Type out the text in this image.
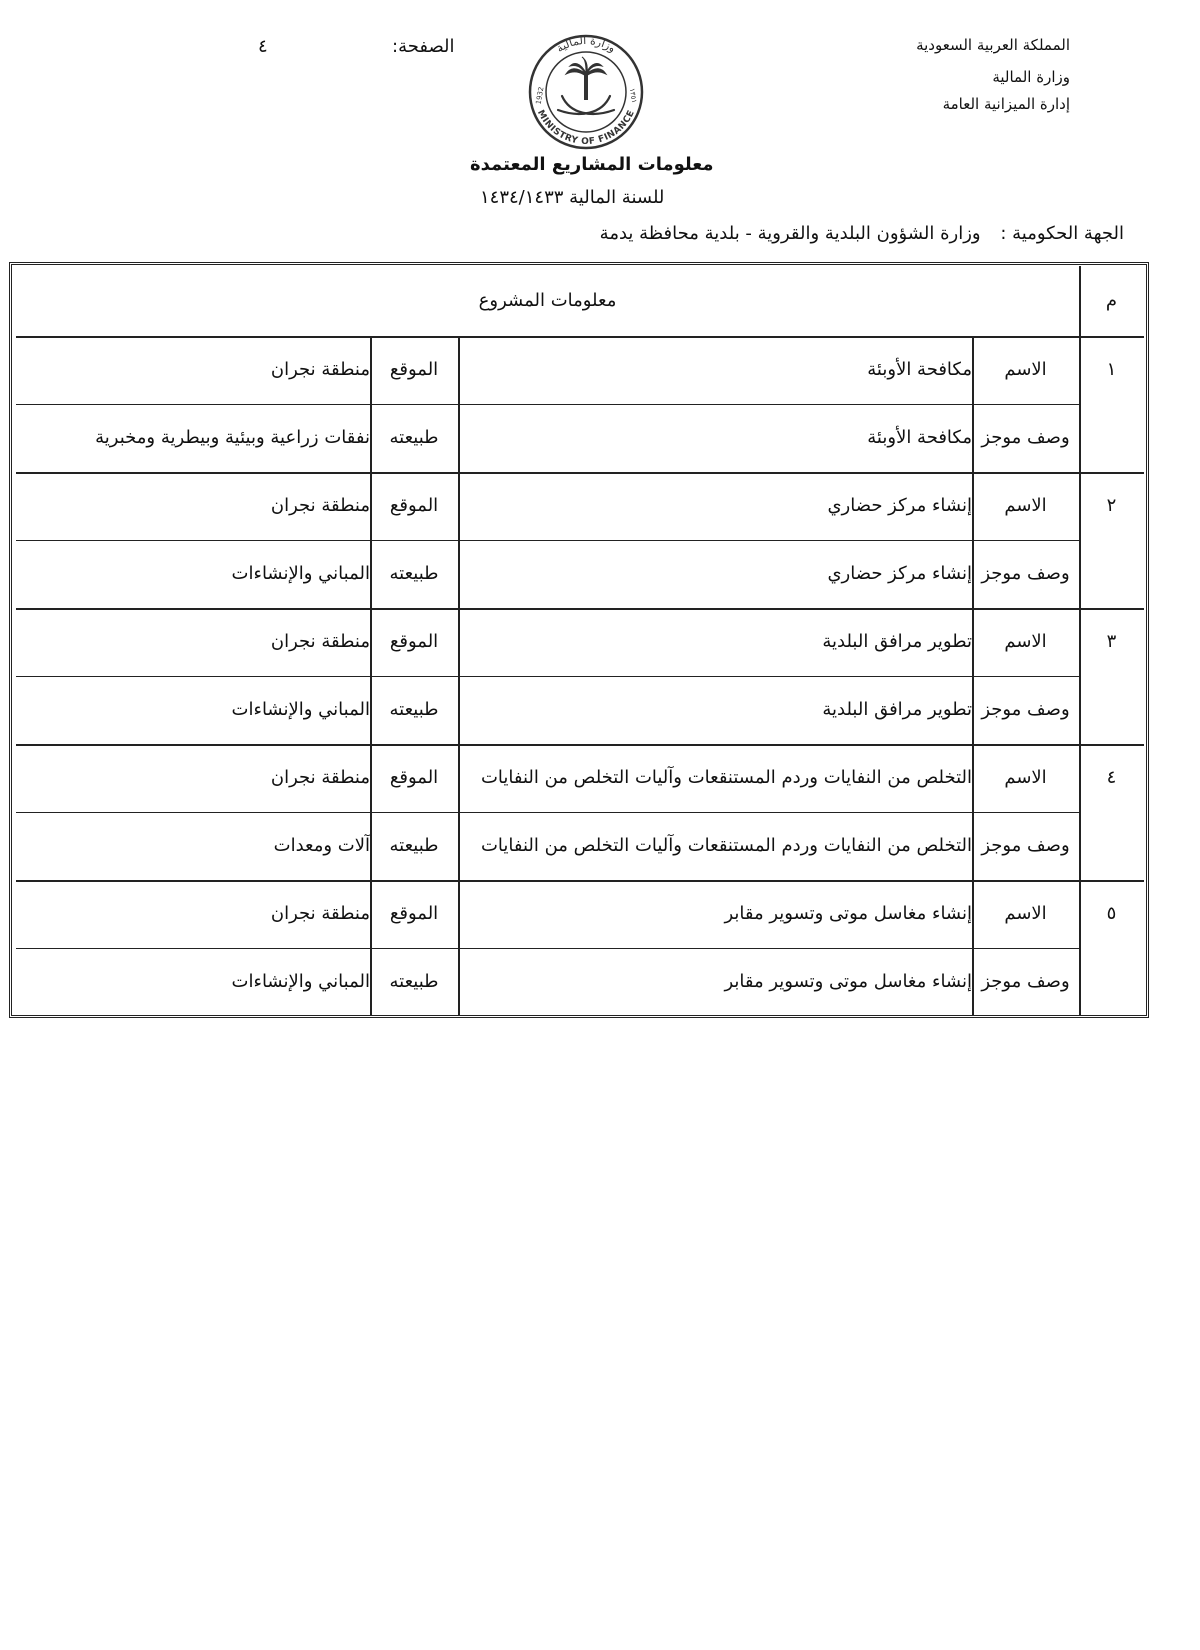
المملكة العربية السعودية
وزارة المالية
إدارة الميزانية العامة
الصفحة:
٤	وزارة المالية
MINISTRY OF FINANCE
1932	١٣٥١
معلومات المشاريع المعتمدة
للسنة المالية ١٤٣٤/١٤٣٣
الجهة الحكومية : وزارة الشؤون البلدية والقروية - بلدية محافظة يدمة
م
معلومات المشروع
١
الاسم
مكافحة الأوبئة
الموقع
منطقة نجران
وصف موجز
مكافحة الأوبئة
طبيعته
نفقات زراعية وبيئية وبيطرية ومخبرية
٢
الاسم
إنشاء مركز حضاري
الموقع
منطقة نجران
وصف موجز
إنشاء مركز حضاري
طبيعته
المباني والإنشاءات
٣
الاسم
تطوير مرافق البلدية
الموقع
منطقة نجران
وصف موجز
تطوير مرافق البلدية
طبيعته
المباني والإنشاءات
٤
الاسم
التخلص من النفايات وردم المستنقعات وآليات التخلص من النفايات
الموقع
منطقة نجران
وصف موجز
التخلص من النفايات وردم المستنقعات وآليات التخلص من النفايات
طبيعته
آلات ومعدات
٥
الاسم
إنشاء مغاسل موتى وتسوير مقابر
الموقع
منطقة نجران
وصف موجز
إنشاء مغاسل موتى وتسوير مقابر
طبيعته
المباني والإنشاءات
